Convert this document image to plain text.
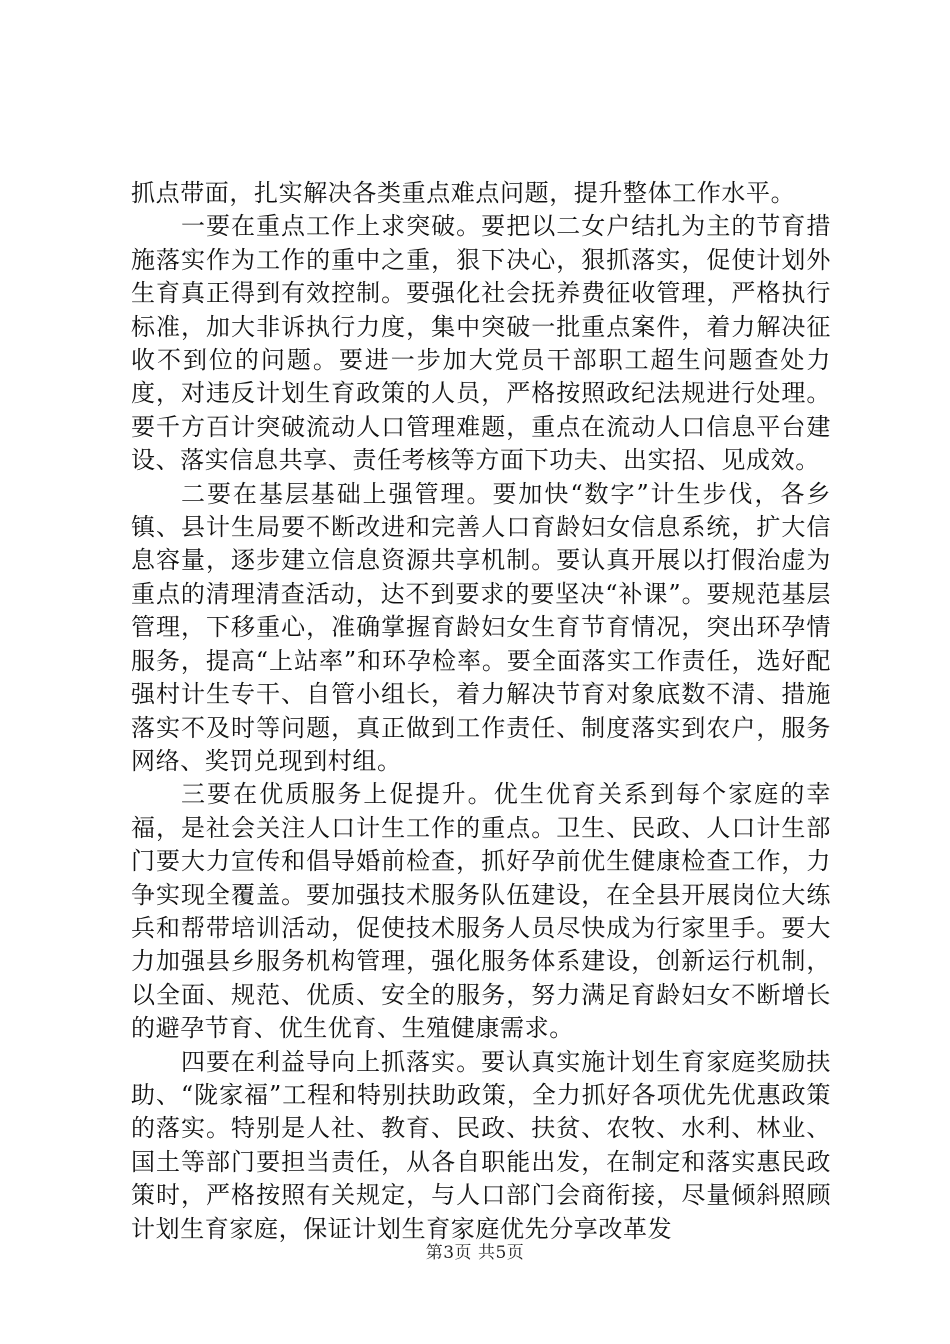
抓点带面，扎实解决各类重点难点问题，提升整体工作水平。

一要在重点工作上求突破。要把以二女户结扎为主的节育措施落实作为工作的重中之重，狠下决心，狠抓落实，促使计划外生育真正得到有效控制。要强化社会抚养费征收管理，严格执行标准，加大非诉执行力度，集中突破一批重点案件，着力解决征收不到位的问题。要进一步加大党员干部职工超生问题查处力度，对违反计划生育政策的人员，严格按照政纪法规进行处理。要千方百计突破流动人口管理难题，重点在流动人口信息平台建设、落实信息共享、责任考核等方面下功夫、出实招、见成效。

二要在基层基础上强管理。要加快“数字”计生步伐，各乡镇、县计生局要不断改进和完善人口育龄妇女信息系统，扩大信息容量，逐步建立信息资源共享机制。要认真开展以打假治虚为重点的清理清查活动，达不到要求的要坚决“补课”。要规范基层管理，下移重心，准确掌握育龄妇女生育节育情况，突出环孕情服务，提高“上站率”和环孕检率。要全面落实工作责任，选好配强村计生专干、自管小组长，着力解决节育对象底数不清、措施落实不及时等问题，真正做到工作责任、制度落实到农户，服务网络、奖罚兑现到村组。

三要在优质服务上促提升。优生优育关系到每个家庭的幸福，是社会关注人口计生工作的重点。卫生、民政、人口计生部门要大力宣传和倡导婚前检查，抓好孕前优生健康检查工作，力争实现全覆盖。要加强技术服务队伍建设，在全县开展岗位大练兵和帮带培训活动，促使技术服务人员尽快成为行家里手。要大力加强县乡服务机构管理，强化服务体系建设，创新运行机制，以全面、规范、优质、安全的服务，努力满足育龄妇女不断增长的避孕节育、优生优育、生殖健康需求。

四要在利益导向上抓落实。要认真实施计划生育家庭奖励扶助、“陇家福”工程和特别扶助政策，全力抓好各项优先优惠政策的落实。特别是人社、教育、民政、扶贫、农牧、水利、林业、国土等部门要担当责任，从各自职能出发，在制定和落实惠民政策时，严格按照有关规定，与人口部门会商衔接，尽量倾斜照顾计划生育家庭，保证计划生育家庭优先分享改革发

第3页 共5页
